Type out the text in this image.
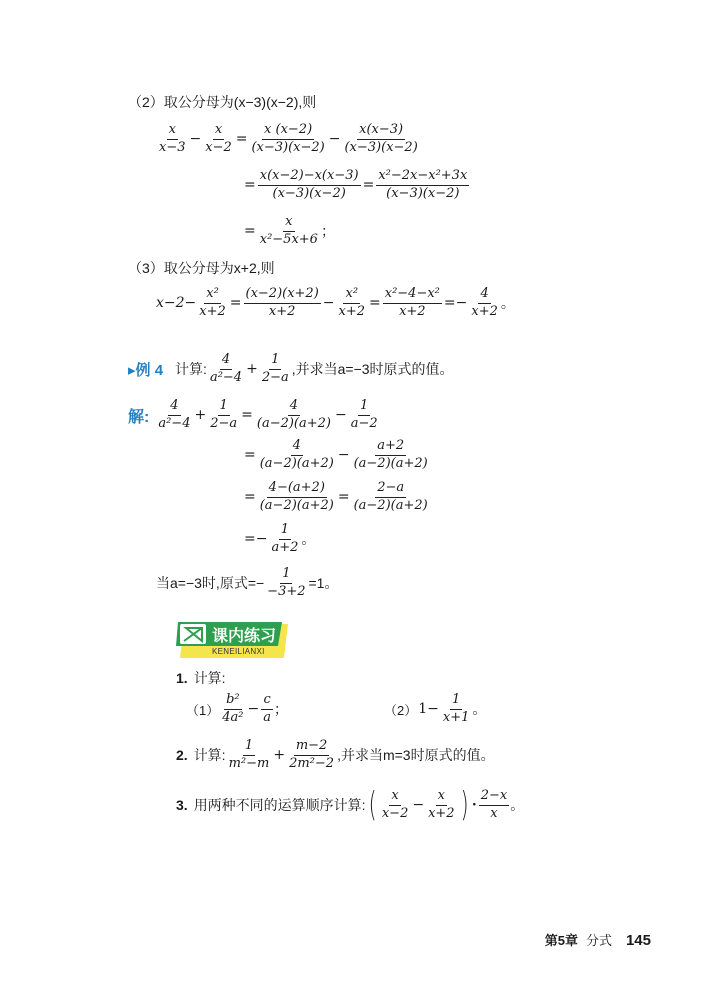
（2）取公分母为(x−3)(x−2),则
x
x−3
− $\frac{x}{x-2} = \frac{x (x-2)}{(x-3)(x-2)} - \frac{x(x-3)}{(x-3)(x-2)}$
= $\frac{x(x-2)-x(x-3)}{(x-3)(x-2)} = \frac{\text{x²−2x−x²+3x}}{(x-3)(x-2)}$
= $\frac{x}{\text{x²−5x+6}}$ ；
（3）取公分母为x+2,则
$x-2- \frac{\text{x²}}{x+2} = \frac{(x-2)(x+2)}{x+2} - \frac{\text{x²}}{x+2} = \frac{\text{x²−4−x²}}{x+2} =- \frac{4}{x+2}$ 。
▸例 4 计算:
4
a²−4
+ $\frac{1}{2-a}$ ,并求当a=−3时原式的值。
解:
4
a²−4
+ $\frac{1}{2-a} = \frac{4}{(a-2)(a+2)} - \frac{1}{a-2}$
= $\frac{4}{(a-2)(a+2)} - \frac{a+2}{(a-2)(a+2)}$
= $\frac{4-(a+2)}{(a-2)(a+2)} = \frac{2-a}{(a-2)(a+2)}$
=− $\frac{1}{a+2}$ 。
当a=−3时,原式=− $\frac{1}{-3+2} =1$。
课内练习
KENEILIANXI
1. 计算:
（1）
b²
4a²
− $\frac{c}{a}$ ；	（2） $1- \frac{1}{x+1}$ 。
2. 计算:
1
m²−m
+ $\frac{m-2}{\text{2m²−2}}$ ,并求当m=3时原式的值。
3. 用两种不同的运算顺序计算: ( x
x−2
− $\frac{x}{x+2}$ ) ·
2−x
x
。
第5章 分式 145
